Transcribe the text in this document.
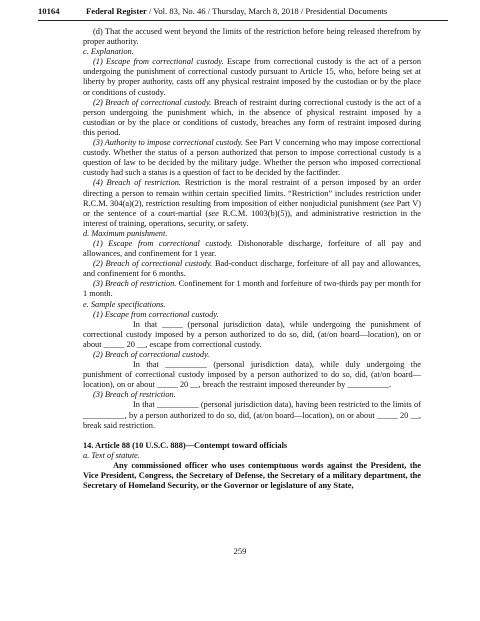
10164	Federal Register / Vol. 83, No. 46 / Thursday, March 8, 2018 / Presidential Documents

(d) That the accused went beyond the limits of the restriction before being released therefrom by proper authority.

c. Explanation.

(1) Escape from correctional custody. Escape from correctional custody is the act of a person undergoing the punishment of correctional custody pursuant to Article 15, who, before being set at liberty by proper authority, casts off any physical restraint imposed by the custodian or by the place or conditions of custody.

(2) Breach of correctional custody. Breach of restraint during correctional custody is the act of a person undergoing the punishment which, in the absence of physical restraint imposed by a custodian or by the place or conditions of custody, breaches any form of restraint imposed during this period.

(3) Authority to impose correctional custody. See Part V concerning who may impose correctional custody. Whether the status of a person authorized that person to impose correctional custody is a question of law to be decided by the military judge. Whether the person who imposed correctional custody had such a status is a question of fact to be decided by the factfinder.

(4) Breach of restriction. Restriction is the moral restraint of a person imposed by an order directing a person to remain within certain specified limits. “Restriction” includes restriction under R.C.M. 304(a)(2), restriction resulting from imposition of either nonjudicial punishment (see Part V) or the sentence of a court-martial (see R.C.M. 1003(b)(5)), and administrative restriction in the interest of training, operations, security, or safety.

d. Maximum punishment.

(1) Escape from correctional custody. Dishonorable discharge, forfeiture of all pay and allowances, and confinement for 1 year.

(2) Breach of correctional custody. Bad-conduct discharge, forfeiture of all pay and allowances, and confinement for 6 months.

(3) Breach of restriction. Confinement for 1 month and forfeiture of two-thirds pay per month for 1 month.

e. Sample specifications.

(1) Escape from correctional custody.

In that _____ (personal jurisdiction data), while undergoing the punishment of correctional custody imposed by a person authorized to do so, did, (at/on board—location), on or about _____ 20 __, escape from correctional custody.

(2) Breach of correctional custody.

In that __________ (personal jurisdiction data), while duly undergoing the punishment of correctional custody imposed by a person authorized to do so, did, (at/on board—location), on or about _____ 20 __, breach the restraint imposed thereunder by __________.

(3) Breach of restriction.

In that __________ (personal jurisdiction data), having been restricted to the limits of __________, by a person authorized to do so, did, (at/on board—location), on or about _____ 20 __, break said restriction.

14. Article 88 (10 U.S.C. 888)—Contempt toward officials

a. Text of statute.

Any commissioned officer who uses contemptuous words against the President, the Vice President, Congress, the Secretary of Defense, the Secretary of a military department, the Secretary of Homeland Security, or the Governor or legislature of any State,

259
